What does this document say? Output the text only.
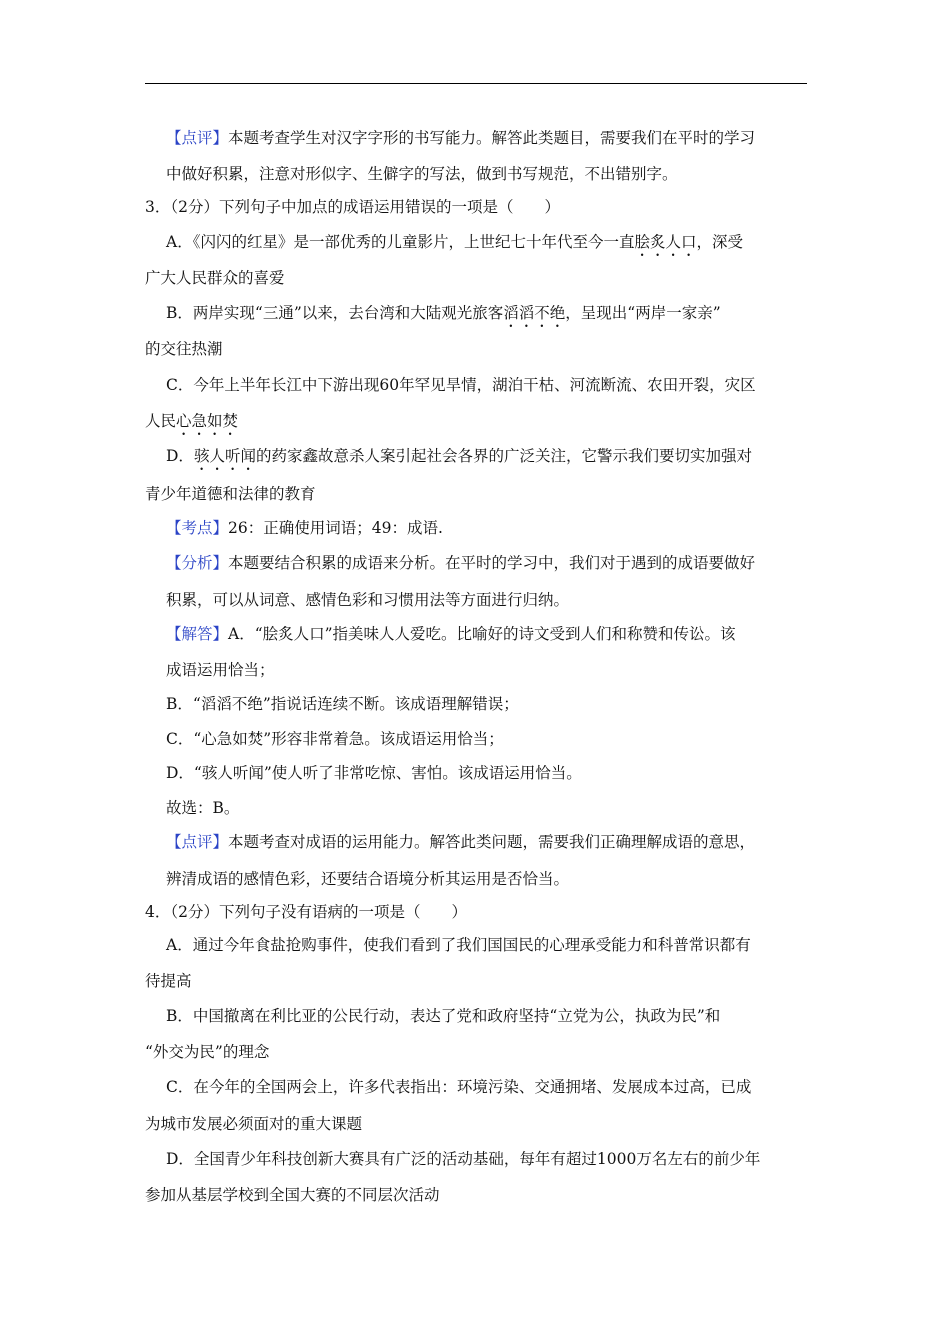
【点评】本题考查学生对汉字字形的书写能力。解答此类题目，需要我们在平时的学习
中做好积累，注意对形似字、生僻字的写法，做到书写规范，不出错别字。
3．（2分）下列句子中加点的成语运用错误的一项是（　　）
A．《闪闪的红星》是一部优秀的儿童影片，上世纪七十年代至今一直脍炙人口，深受
广大人民群众的喜爱
B．两岸实现“三通”以来，去台湾和大陆观光旅客滔滔不绝，呈现出“两岸一家亲”
的交往热潮
C．今年上半年长江中下游出现60年罕见旱情，湖泊干枯、河流断流、农田开裂，灾区
人民心急如焚
D．骇人听闻的药家鑫故意杀人案引起社会各界的广泛关注，它警示我们要切实加强对
青少年道德和法律的教育
【考点】26：正确使用词语；49：成语.
【分析】本题要结合积累的成语来分析。在平时的学习中，我们对于遇到的成语要做好
积累，可以从词意、感情色彩和习惯用法等方面进行归纳。
【解答】A．“脍炙人口”指美味人人爱吃。比喻好的诗文受到人们和称赞和传讼。该
成语运用恰当；
B．“滔滔不绝”指说话连续不断。该成语理解错误；
C．“心急如焚”形容非常着急。该成语运用恰当；
D．“骇人听闻”使人听了非常吃惊、害怕。该成语运用恰当。
故选：B。
【点评】本题考查对成语的运用能力。解答此类问题，需要我们正确理解成语的意思，
辨清成语的感情色彩，还要结合语境分析其运用是否恰当。
4．（2分）下列句子没有语病的一项是（　　）
A．通过今年食盐抢购事件，使我们看到了我们国国民的心理承受能力和科普常识都有
待提高
B．中国撤离在利比亚的公民行动，表达了党和政府坚持“立党为公，执政为民”和
“外交为民”的理念
C．在今年的全国两会上，许多代表指出：环境污染、交通拥堵、发展成本过高，已成
为城市发展必须面对的重大课题
D．全国青少年科技创新大赛具有广泛的活动基础，每年有超过1000万名左右的前少年
参加从基层学校到全国大赛的不同层次活动
